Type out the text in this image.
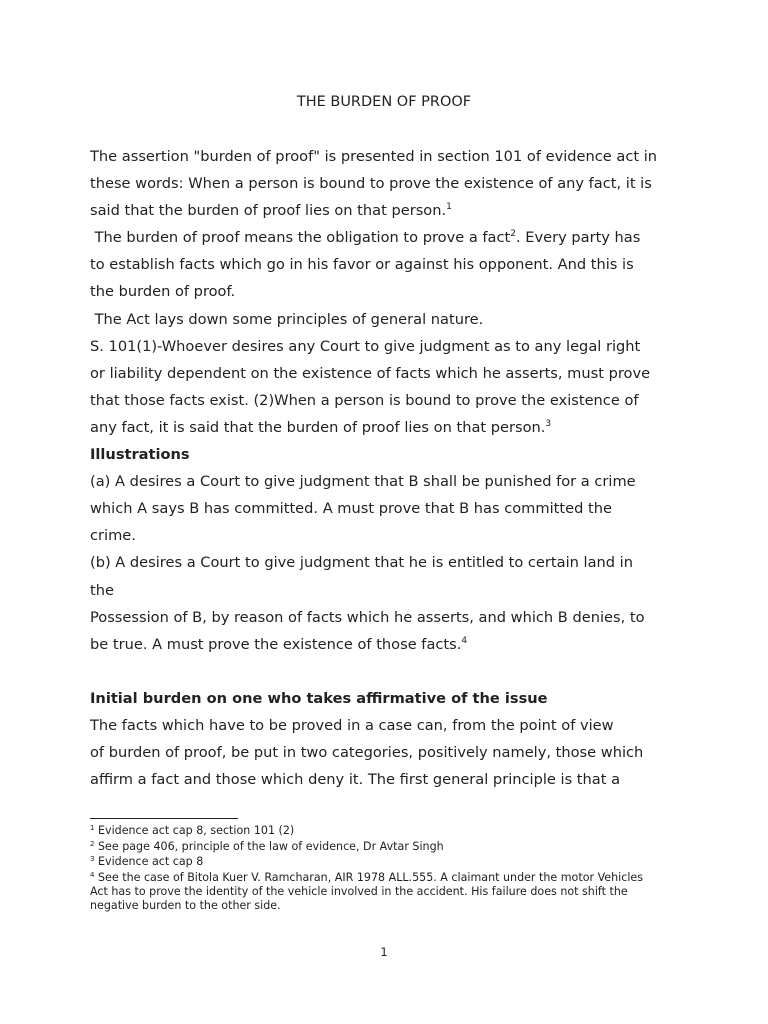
THE BURDEN OF PROOF
The assertion "burden of proof" is presented in section 101 of evidence act in
these words: When a person is bound to prove the existence of any fact, it is
said that the burden of proof lies on that person.$^1$
The burden of proof means the obligation to prove a fact$^2$. Every party has
to establish facts which go in his favor or against his opponent. And this is
the burden of proof.
The Act lays down some principles of general nature.
S. 101(1)-Whoever desires any Court to give judgment as to any legal right
or liability dependent on the existence of facts which he asserts, must prove
that those facts exist. (2)When a person is bound to prove the existence of
any fact, it is said that the burden of proof lies on that person.$^3$
Illustrations
(a) A desires a Court to give judgment that B shall be punished for a crime
which A says B has committed. A must prove that B has committed the
crime.
(b) A desires a Court to give judgment that he is entitled to certain land in
the
Possession of B, by reason of facts which he asserts, and which B denies, to
be true. A must prove the existence of those facts.$^4$
Initial burden on one who takes affirmative of the issue
The facts which have to be proved in a case can, from the point of view
of burden of proof, be put in two categories, positively namely, those which
affirm a fact and those which deny it. The first general principle is that a
$^1$ Evidence act cap 8, section 101 (2)
$^2$ See page 406, principle of the law of evidence, Dr Avtar Singh
$^3$ Evidence act cap 8
$^4$ See the case of Bitola Kuer V. Ramcharan, AIR 1978 ALL.555. A claimant under the motor Vehicles
Act has to prove the identity of the vehicle involved in the accident. His failure does not shift the
negative burden to the other side.
1
